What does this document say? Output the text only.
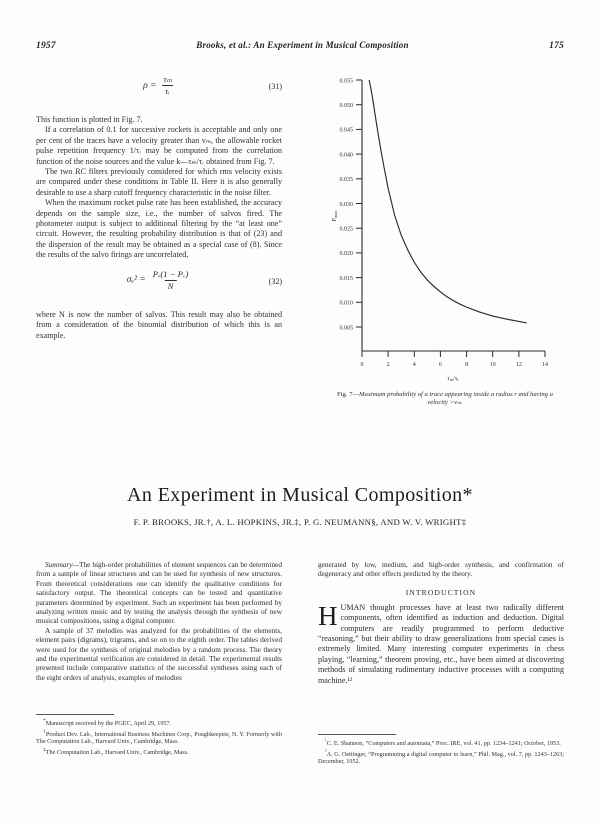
1957	Brooks, et al.: An Experiment in Musical Composition	175
$\rho = \frac{\text{τₘ}}{\text{τᵣ}}$	(31)

This function is plotted in Fig. 7.

If a correlation of 0.1 for successive rockets is acceptable and only one per cent of the traces have a velocity greater than vₘ, the allowable rocket pulse repetition frequency 1/τᵣ may be computed from the correlation function of the noise sources and the value k—τₘ/τᵣ obtained from Fig. 7.

The two RC filters previously considered for which rms velocity exists are compared under these conditions in Table II. Here it is also generally desirable to use a sharp cutoff frequency characteristic in the noise filter.

When the maximum rocket pulse rate has been established, the accuracy depends on the sample size, i.e., the number of salvos fired. The photometer output is subject to additional filtering by the “at least one” circuit. However, the resulting probability distribution is that of (23) and the dispersion of the result may be obtained as a special case of (8). Since the results of the salvo firings are uncorrelated,

σᵥ² = $\frac{\text{Pᵥ(1 − Pᵥ)}}{N}$	(32)

where N is now the number of salvos. This result may also be obtained from a consideration of the binomial distribution of which this is an example.

0.055
0.050
0.045
0.040
0.035
0.030
0.025
0.020
0.015
0.010
0.005
0	2	4	6	8	10	12	14
Pmax
τm/τr
Fig. 7—Maximum probability of a trace appearing inside a radius r and having a velocity >vₘ.
An Experiment in Musical Composition*
F. P. BROOKS, JR.†, A. L. HOPKINS, JR.‡, P. G. NEUMANN§, AND W. V. WRIGHT‡

Summary—The high-order probabilities of element sequences can be determined from a sample of linear structures and can be used for synthesis of new structures. From theoretical considerations one can identify the qualitative conditions for satisfactory output. The theoretical concepts can be tested and quantitative parameters determined by experiment. Such an experiment has been performed by analyzing written music and by testing the analysis through the synthesis of new musical compositions, using a digital computer.

A sample of 37 melodies was analyzed for the probabilities of the elements, element pairs (digrams), trigrams, and so on to the eighth order. The tables derived were used for the synthesis of original melodies by a random process. The theory and the experimental verification are considered in detail. The experimental results presented include comparative statistics of the successful syntheses using each of the eight orders of analysis, examples of melodies

generated by low, medium, and high-order synthesis, and confirmation of degeneracy and other effects predicted by the theory.

INTRODUCTION
H UMAN thought processes have at least two radically different components, often identified as induction and deduction. Digital computers are readily programmed to perform deductive “reasoning,” but their ability to draw generalizations from special cases is extremely limited. Many interesting computer experiments in chess playing, “learning,” theorem proving, etc., have been aimed at discovering methods of simulating rudimentary inductive processes with a computing machine.¹²

*Manuscript received by the PGEC, April 29, 1957.

†Product Dev. Lab., International Business Machines Corp., Poughkeepsie, N. Y. Formerly with The Computation Lab., Harvard Univ., Cambridge, Mass.

‡The Computation Lab., Harvard Univ., Cambridge, Mass.

¹C. E. Shannon, “Computers and automata,” Proc. IRE, vol. 41, pp. 1234–1241; October, 1953.

²A. G. Oettinger, “Programming a digital computer to learn,” Phil. Mag., vol. 7, pp. 1243–1263; December, 1952.
